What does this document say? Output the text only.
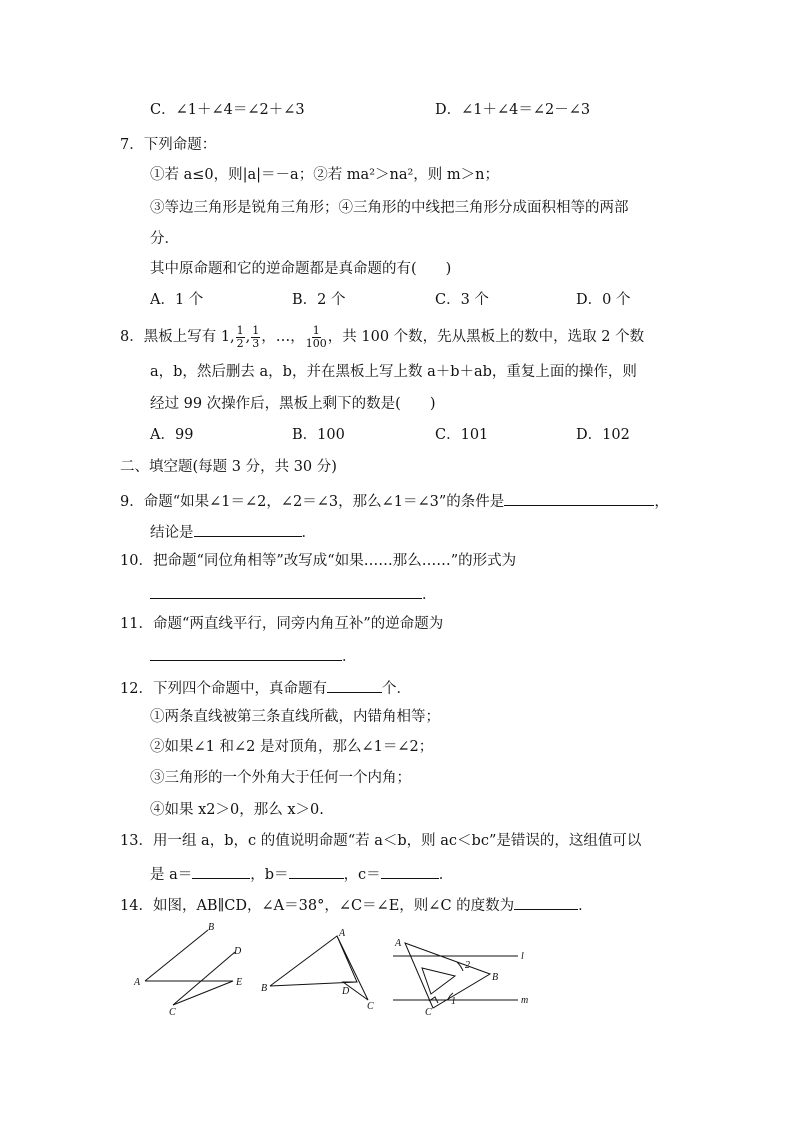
C．∠1＋∠4＝∠2＋∠3	D．∠1＋∠4＝∠2－∠3
7．下列命题：
①若 a≤0，则|a|＝－a；②若 ma²＞na²，则 m＞n；
③等边三角形是锐角三角形；④三角形的中线把三角形分成面积相等的两部
分．
其中原命题和它的逆命题都是真命题的有(　　)
A．1 个	B．2 个	C．3 个	D．0 个
8．黑板上写有 1, $\frac{1}{2}$ , $\frac{1}{3}$ ，…， $\frac{1}{100}$ ，共 100 个数，先从黑板上的数中，选取 2 个数
a，b，然后删去 a，b，并在黑板上写上数 a＋b＋ab，重复上面的操作，则
经过 99 次操作后，黑板上剩下的数是(　　)
A．99	B．100	C．101	D．102
二、填空题(每题 3 分，共 30 分)
9．命题“如果∠1＝∠2，∠2＝∠3，那么∠1＝∠3”的条件是	，
结论是	．
10．把命题“同位角相等”改写成“如果……那么……”的形式为
．
11．命题“两直线平行，同旁内角互补”的逆命题为
．
12．下列四个命题中，真命题有	个．
①两条直线被第三条直线所截，内错角相等；
②如果∠1 和∠2 是对顶角，那么∠1＝∠2；
③三角形的一个外角大于任何一个内角；
④如果 x2＞0，那么 x＞0.
13．用一组 a，b，c 的值说明命题“若 a＜b，则 ac＜bc”是错误的，这组值可以
是 a＝	，b＝	，c＝	．
14．如图，AB∥CD，∠A＝38°，∠C＝∠E，则∠C 的度数为	．
B
D
A	E
C
A
B	D
C
A
l
2
B
1
C
m
